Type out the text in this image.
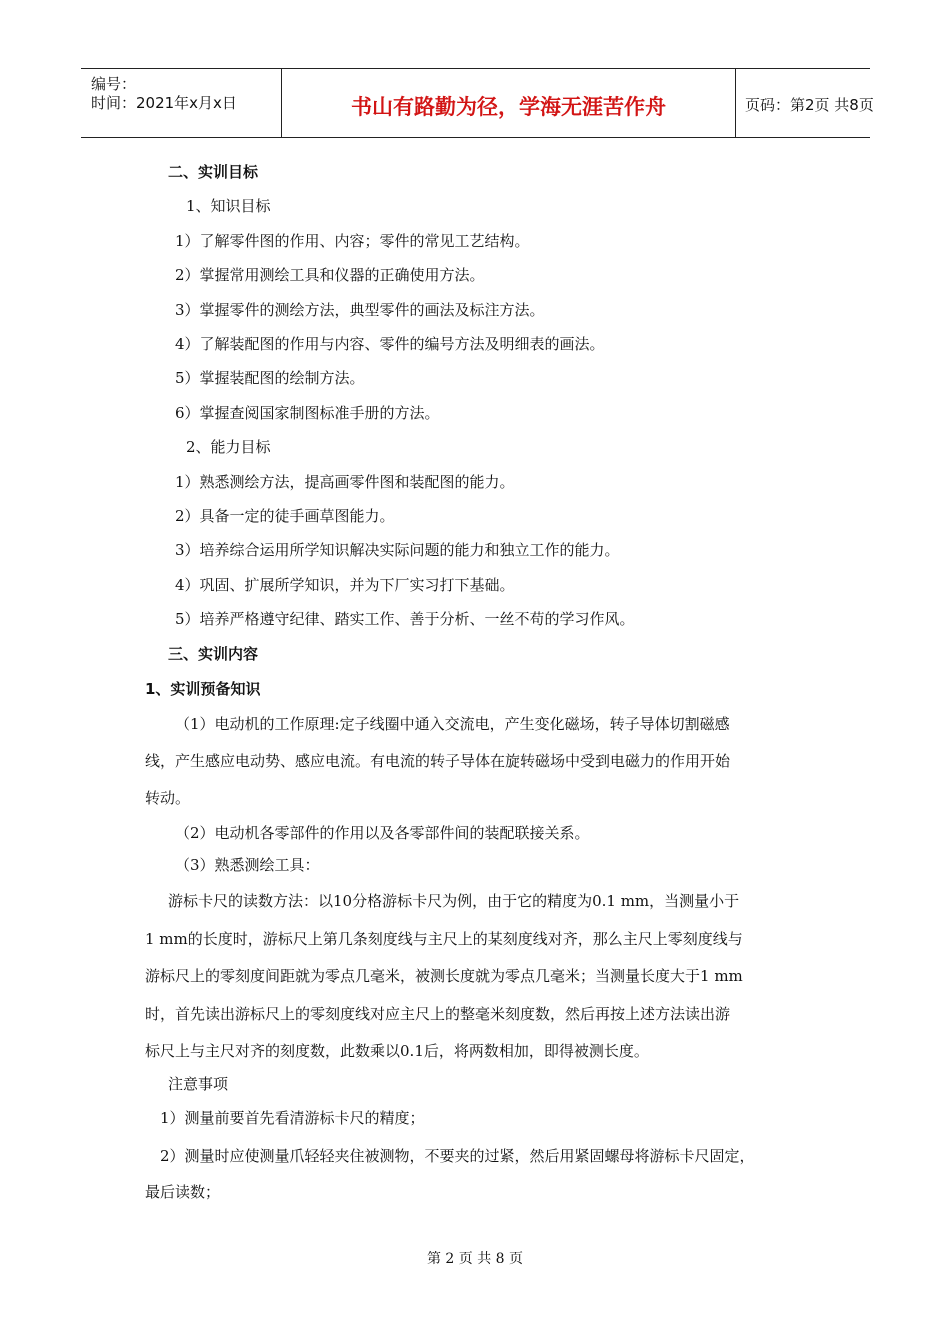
编号：
时间：2021年x月x日	书山有路勤为径，学海无涯苦作舟	页码：第2页 共8页
二、实训目标
1、知识目标
1）了解零件图的作用、内容；零件的常见工艺结构。
2）掌握常用测绘工具和仪器的正确使用方法。
3）掌握零件的测绘方法，典型零件的画法及标注方法。
4）了解装配图的作用与内容、零件的编号方法及明细表的画法。
5）掌握装配图的绘制方法。
6）掌握查阅国家制图标准手册的方法。
2、能力目标
1）熟悉测绘方法，提高画零件图和装配图的能力。
2）具备一定的徒手画草图能力。
3）培养综合运用所学知识解决实际问题的能力和独立工作的能力。
4）巩固、扩展所学知识，并为下厂实习打下基础。
5）培养严格遵守纪律、踏实工作、善于分析、一丝不苟的学习作风。
三、实训内容
1、实训预备知识
（1）电动机的工作原理:定子线圈中通入交流电，产生变化磁场，转子导体切割磁感
线，产生感应电动势、感应电流。有电流的转子导体在旋转磁场中受到电磁力的作用开始
转动。
（2）电动机各零部件的作用以及各零部件间的装配联接关系。
（3）熟悉测绘工具：
游标卡尺的读数方法：以10分格游标卡尺为例，由于它的精度为0.1 mm，当测量小于
1 mm的长度时，游标尺上第几条刻度线与主尺上的某刻度线对齐，那么主尺上零刻度线与
游标尺上的零刻度间距就为零点几毫米，被测长度就为零点几毫米；当测量长度大于1 mm
时，首先读出游标尺上的零刻度线对应主尺上的整毫米刻度数，然后再按上述方法读出游
标尺上与主尺对齐的刻度数，此数乘以0.1后，将两数相加，即得被测长度。
注意事项
1）测量前要首先看清游标卡尺的精度；
2）测量时应使测量爪轻轻夹住被测物，不要夹的过紧，然后用紧固螺母将游标卡尺固定，
最后读数；
第 2 页 共 8 页
